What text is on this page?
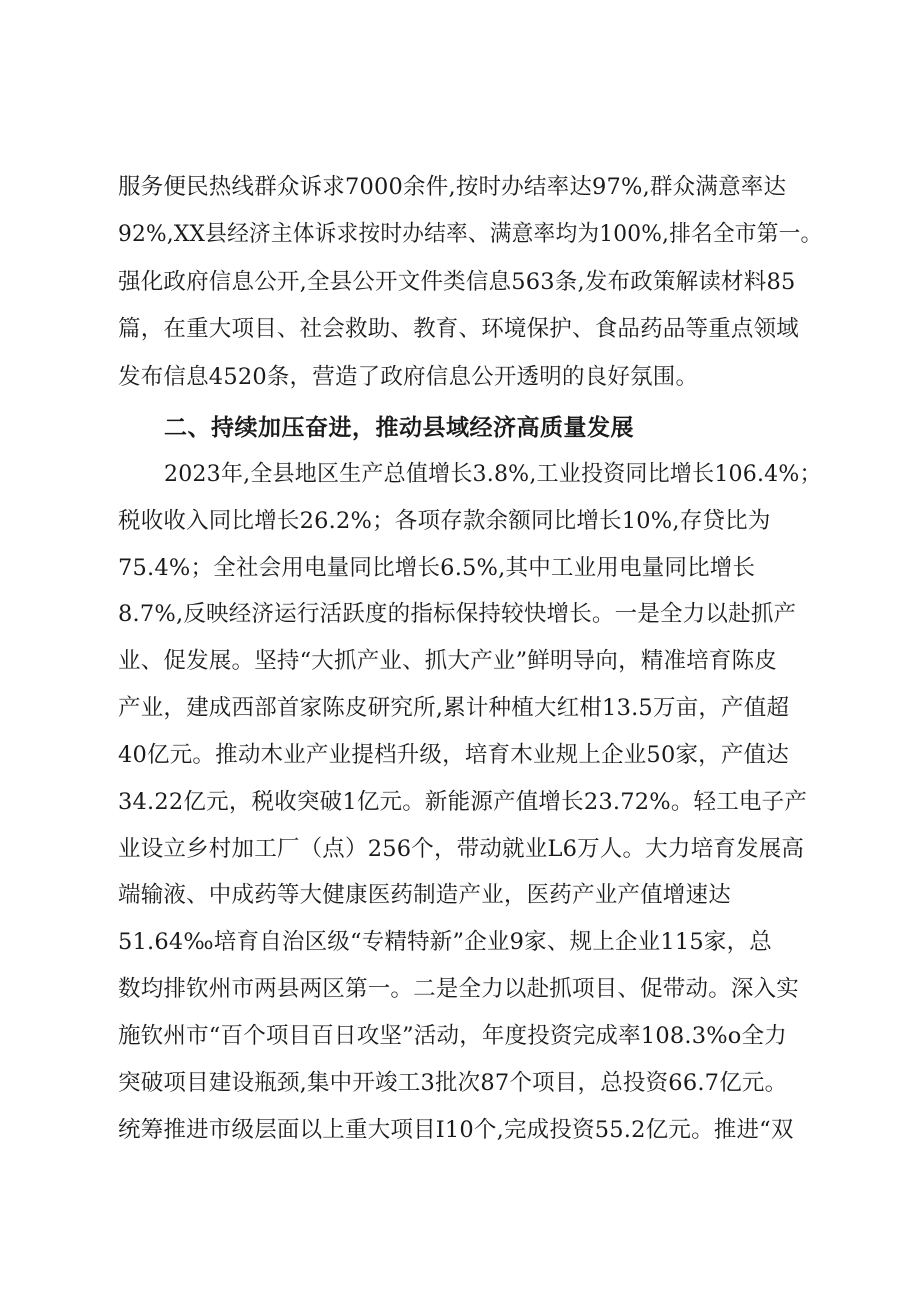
服务便民热线群众诉求7000余件,按时办结率达97%,群众满意率达
92%,XX县经济主体诉求按时办结率、满意率均为100%,排名全市第一。
强化政府信息公开,全县公开文件类信息563条,发布政策解读材料85
篇，在重大项目、社会救助、教育、环境保护、食品药品等重点领域
发布信息4520条，营造了政府信息公开透明的良好氛围。
二、持续加压奋进，推动县域经济高质量发展
2023年,全县地区生产总值增长3.8%,工业投资同比增长106.4%；
税收收入同比增长26.2%；各项存款余额同比增长10%,存贷比为
75.4%；全社会用电量同比增长6.5%,其中工业用电量同比增长
8.7%,反映经济运行活跃度的指标保持较快增长。一是全力以赴抓产
业、促发展。坚持“大抓产业、抓大产业”鲜明导向，精准培育陈皮
产业，建成西部首家陈皮研究所,累计种植大红柑13.5万亩，产值超
40亿元。推动木业产业提档升级，培育木业规上企业50家，产值达
34.22亿元，税收突破1亿元。新能源产值增长23.72%。轻工电子产
业设立乡村加工厂（点）256个，带动就业L6万人。大力培育发展高
端输液、中成药等大健康医药制造产业，医药产业产值增速达
51.64‰培育自治区级“专精特新”企业9家、规上企业115家，总
数均排钦州市两县两区第一。二是全力以赴抓项目、促带动。深入实
施钦州市“百个项目百日攻坚”活动，年度投资完成率108.3%o全力
突破项目建设瓶颈,集中开竣工3批次87个项目，总投资66.7亿元。
统筹推进市级层面以上重大项目I10个,完成投资55.2亿元。推进“双
